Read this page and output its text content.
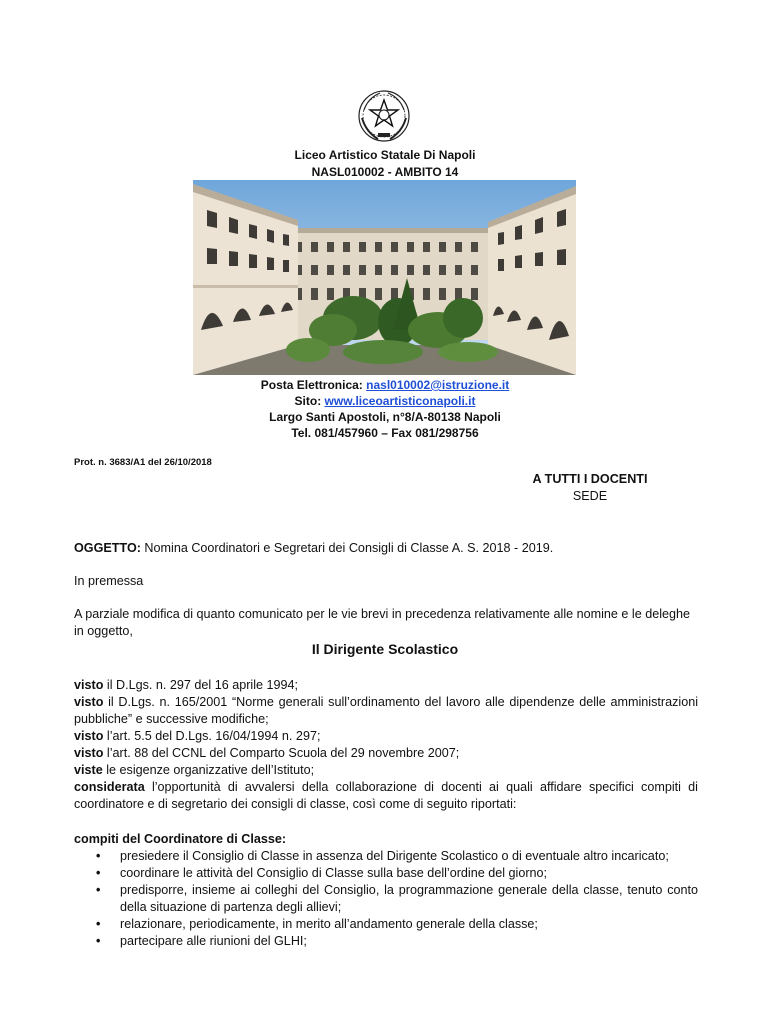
Liceo Artistico Statale Di Napoli
NASL010002 - AMBITO 14
Posta Elettronica: nasl010002@istruzione.it
Sito: www.liceoartisticonapoli.it
Largo Santi Apostoli, n°8/A-80138 Napoli
Tel. 081/457960 – Fax 081/298756
Prot. n. 3683/A1 del 26/10/2018
A TUTTI I DOCENTI
SEDE
OGGETTO: Nomina Coordinatori e Segretari dei Consigli di Classe A. S. 2018 - 2019.
In premessa
A parziale modifica di quanto comunicato per le vie brevi in precedenza relativamente alle nomine e le deleghe in oggetto,
Il Dirigente Scolastico
visto il D.Lgs. n. 297 del 16 aprile 1994;
visto il D.Lgs. n. 165/2001 “Norme generali sull’ordinamento del lavoro alle dipendenze delle amministrazioni pubbliche” e successive modifiche;
visto l’art. 5.5 del D.Lgs. 16/04/1994 n. 297;
visto l’art. 88 del CCNL del Comparto Scuola del 29 novembre 2007;
viste le esigenze organizzative dell’Istituto;
considerata l’opportunità di avvalersi della collaborazione di docenti ai quali affidare specifici compiti di coordinatore e di segretario dei consigli di classe, così come di seguito riportati:
compiti del Coordinatore di Classe:
• presiedere il Consiglio di Classe in assenza del Dirigente Scolastico o di eventuale altro incaricato;
• coordinare le attività del Consiglio di Classe sulla base dell’ordine del giorno;
• predisporre, insieme ai colleghi del Consiglio, la programmazione generale della classe, tenuto conto della situazione di partenza degli allievi;
• relazionare, periodicamente, in merito all’andamento generale della classe;
• partecipare alle riunioni del GLHI;
